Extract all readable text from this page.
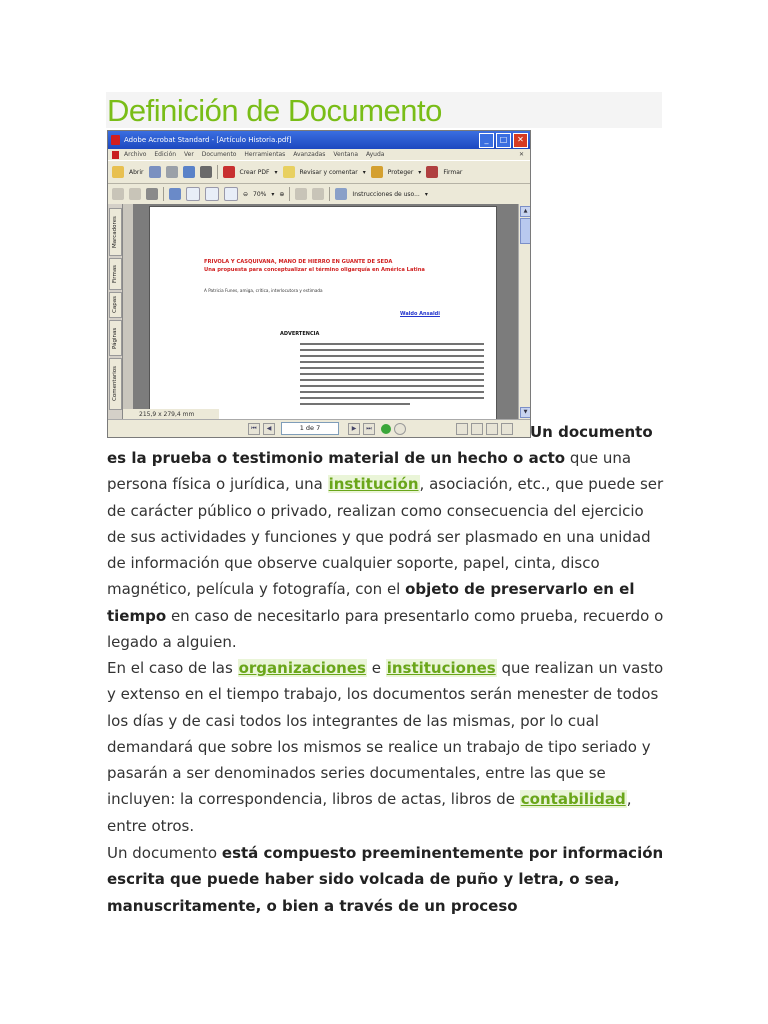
Definición de Documento
Adobe Acrobat Standard - [Artículo Historia.pdf]	_	□	✕
Archivo Edición Ver Documento Herramientas Avanzadas Ventana Ayuda	✕
Abrir	Crear PDF ▾	Revisar y comentar ▾	Proteger ▾	Firmar
⊖ 70% ▾ ⊕	Instrucciones de uso... ▾
Marcadores
Firmas
Capas
Páginas
Comentarios
FRIVOLA Y CASQUIVANA, MANO DE HIERRO EN GUANTE DE SEDA
Una propuesta para conceptualizar el término oligarquía en América Latina
A Patricia Funes, amiga, crítica, interlocutora y estimada
Waldo Ansaldi
ADVERTENCIA
▲
▼
215,9 x 279,4 mm
⏮	◀	1 de 7	▶	⏭	Un documento

es la prueba o testimonio material de un hecho o acto que una persona física o jurídica, una institución, asociación, etc., que puede ser de carácter público o privado, realizan como consecuencia del ejercicio de sus actividades y funciones y que podrá ser plasmado en una unidad de información que observe cualquier soporte, papel, cinta, disco magnético, película y fotografía, con el objeto de preservarlo en el tiempo en caso de necesitarlo para presentarlo como prueba, recuerdo o legado a alguien.

En el caso de las organizaciones e instituciones que realizan un vasto y extenso en el tiempo trabajo, los documentos serán menester de todos los días y de casi todos los integrantes de las mismas, por lo cual demandará que sobre los mismos se realice un trabajo de tipo seriado y pasarán a ser denominados series documentales, entre las que se incluyen: la correspondencia, libros de actas, libros de contabilidad, entre otros.

Un documento está compuesto preeminentemente por información escrita que puede haber sido volcada de puño y letra, o sea, manuscritamente, o bien a través de un proceso
